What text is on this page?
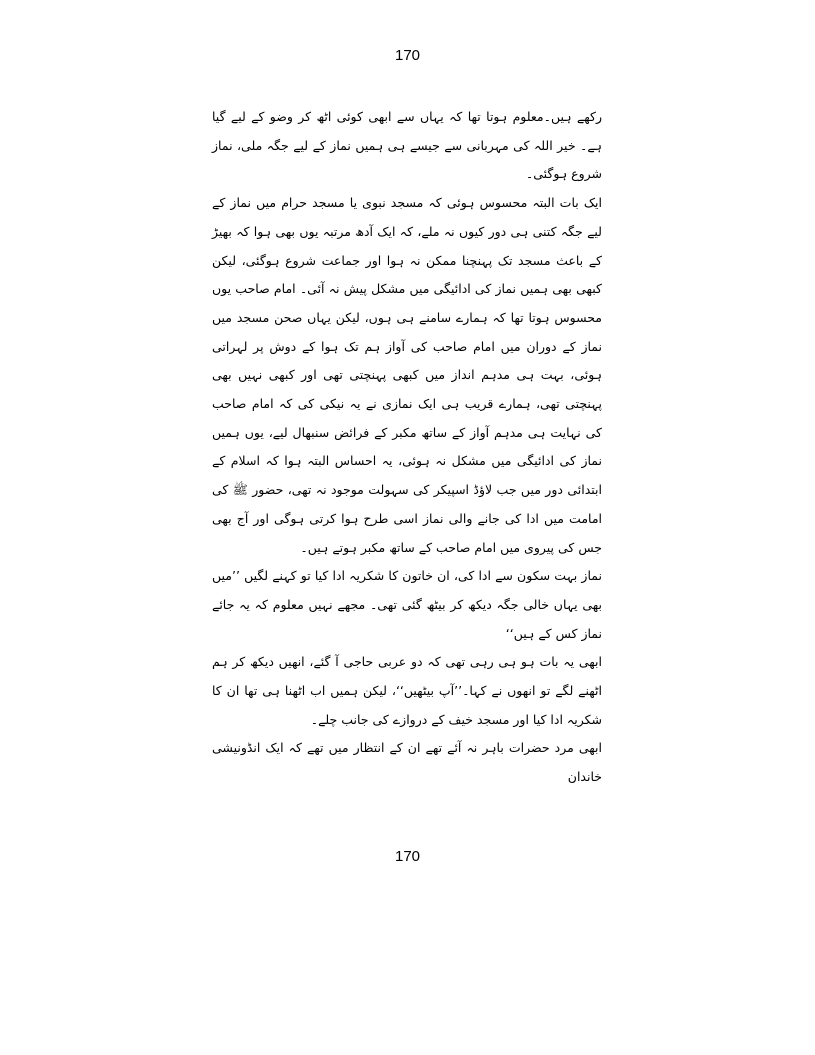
170

رکھے ہیں۔معلوم ہوتا تھا کہ یہاں سے ابھی کوئی اٹھ کر وضو کے لیے گیا ہے۔ خیر اللہ کی مہربانی سے جیسے ہی ہمیں نماز کے لیے جگہ ملی، نماز شروع ہوگئی۔

ایک بات البتہ محسوس ہوئی کہ مسجد نبوی یا مسجد حرام میں نماز کے لیے جگہ کتنی ہی دور کیوں نہ ملے، کہ ایک آدھ مرتبہ یوں بھی ہوا کہ بھیڑ کے باعث مسجد تک پہنچنا ممکن نہ ہوا اور جماعت شروع ہوگئی، لیکن کبھی بھی ہمیں نماز کی ادائیگی میں مشکل پیش نہ آئی۔ امام صاحب یوں محسوس ہوتا تھا کہ ہمارے سامنے ہی ہوں، لیکن یہاں صحن مسجد میں نماز کے دوران میں امام صاحب کی آواز ہم تک ہوا کے دوش پر لہراتی ہوئی، بہت ہی مدہم انداز میں کبھی پہنچتی تھی اور کبھی نہیں بھی پہنچتی تھی، ہمارے قریب ہی ایک نمازی نے یہ نیکی کی کہ امام صاحب کی نہایت ہی مدہم آواز کے ساتھ مکبر کے فرائض سنبھال لیے، یوں ہمیں نماز کی ادائیگی میں مشکل نہ ہوئی، یہ احساس البتہ ہوا کہ اسلام کے ابتدائی دور میں جب لاؤڈ اسپیکر کی سہولت موجود نہ تھی، حضور ﷺ کی امامت میں ادا کی جانے والی نماز اسی طرح ہوا کرتی ہوگی اور آج بھی جس کی پیروی میں امام صاحب کے ساتھ مکبر ہوتے ہیں۔

نماز بہت سکون سے ادا کی، ان خاتون کا شکریہ ادا کیا تو کہنے لگیں ’’میں بھی یہاں خالی جگہ دیکھ کر بیٹھ گئی تھی۔ مجھے نہیں معلوم کہ یہ جائے نماز کس کے ہیں‘‘

ابھی یہ بات ہو ہی رہی تھی کہ دو عربی حاجی آ گئے، انھیں دیکھ کر ہم اٹھنے لگے تو انھوں نے کہا۔’’آپ بیٹھیں‘‘، لیکن ہمیں اب اٹھنا ہی تھا ان کا شکریہ ادا کیا اور مسجد خیف کے دروازے کی جانب چلے۔

ابھی مرد حضرات باہر نہ آئے تھے ان کے انتظار میں تھے کہ ایک انڈونیشی خاندان

170
